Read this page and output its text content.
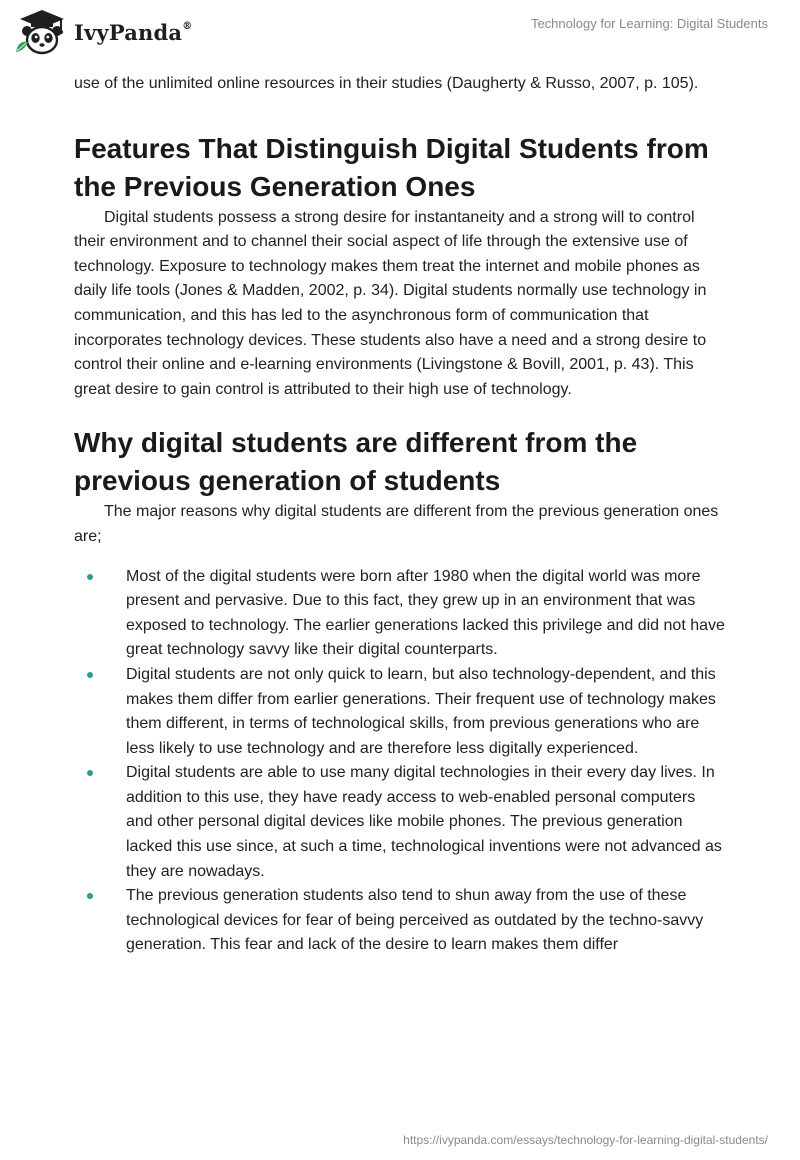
IvyPanda®	Technology for Learning: Digital Students

use of the unlimited online resources in their studies (Daugherty & Russo, 2007, p. 105).

Features That Distinguish Digital Students from the Previous Generation Ones

Digital students possess a strong desire for instantaneity and a strong will to control their environment and to channel their social aspect of life through the extensive use of technology. Exposure to technology makes them treat the internet and mobile phones as daily life tools (Jones & Madden, 2002, p. 34). Digital students normally use technology in communication, and this has led to the asynchronous form of communication that incorporates technology devices. These students also have a need and a strong desire to control their online and e-learning environments (Livingstone & Bovill, 2001, p. 43). This great desire to gain control is attributed to their high use of technology.

Why digital students are different from the previous generation of students

The major reasons why digital students are different from the previous generation ones are;

Most of the digital students were born after 1980 when the digital world was more present and pervasive. Due to this fact, they grew up in an environment that was exposed to technology. The earlier generations lacked this privilege and did not have great technology savvy like their digital counterparts.
Digital students are not only quick to learn, but also technology-dependent, and this makes them differ from earlier generations. Their frequent use of technology makes them different, in terms of technological skills, from previous generations who are less likely to use technology and are therefore less digitally experienced.
Digital students are able to use many digital technologies in their every day lives. In addition to this use, they have ready access to web-enabled personal computers and other personal digital devices like mobile phones. The previous generation lacked this use since, at such a time, technological inventions were not advanced as they are nowadays.
The previous generation students also tend to shun away from the use of these technological devices for fear of being perceived as outdated by the techno-savvy generation. This fear and lack of the desire to learn makes them differ
https://ivypanda.com/essays/technology-for-learning-digital-students/
